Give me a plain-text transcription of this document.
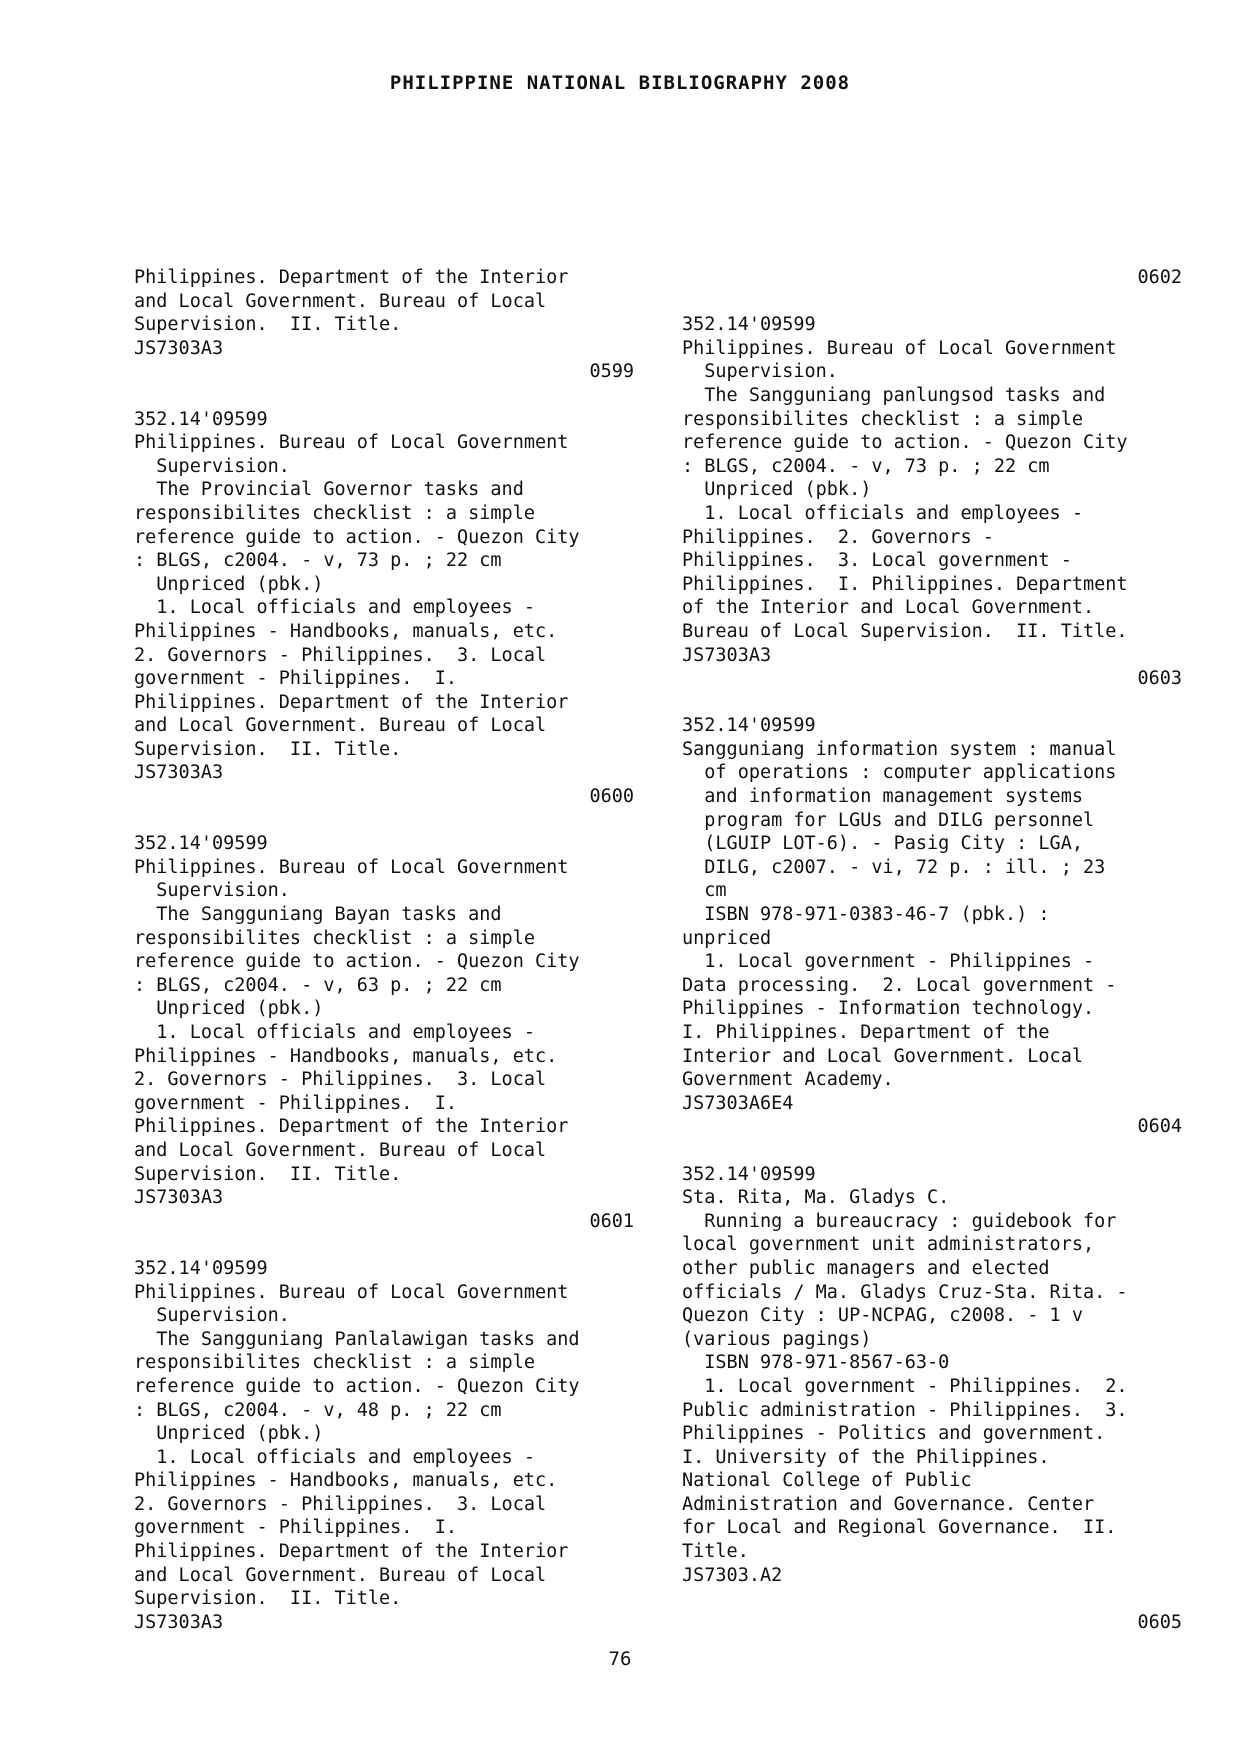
PHILIPPINE NATIONAL BIBLIOGRAPHY 2008
Philippines. Department of the Interior
and Local Government. Bureau of Local
Supervision.  II. Title.
JS7303A3
0599
352.14'09599
Philippines. Bureau of Local Government
Supervision.
The Provincial Governor tasks and
responsibilites checklist : a simple
reference guide to action. - Quezon City
: BLGS, c2004. - v, 73 p. ; 22 cm
Unpriced (pbk.)
1. Local officials and employees -
Philippines - Handbooks, manuals, etc.
2. Governors - Philippines.  3. Local
government - Philippines.  I.
Philippines. Department of the Interior
and Local Government. Bureau of Local
Supervision.  II. Title.
JS7303A3
0600
352.14'09599
Philippines. Bureau of Local Government
Supervision.
The Sangguniang Bayan tasks and
responsibilites checklist : a simple
reference guide to action. - Quezon City
: BLGS, c2004. - v, 63 p. ; 22 cm
Unpriced (pbk.)
1. Local officials and employees -
Philippines - Handbooks, manuals, etc.
2. Governors - Philippines.  3. Local
government - Philippines.  I.
Philippines. Department of the Interior
and Local Government. Bureau of Local
Supervision.  II. Title.
JS7303A3
0601
352.14'09599
Philippines. Bureau of Local Government
Supervision.
The Sangguniang Panlalawigan tasks and
responsibilites checklist : a simple
reference guide to action. - Quezon City
: BLGS, c2004. - v, 48 p. ; 22 cm
Unpriced (pbk.)
1. Local officials and employees -
Philippines - Handbooks, manuals, etc.
2. Governors - Philippines.  3. Local
government - Philippines.  I.
Philippines. Department of the Interior
and Local Government. Bureau of Local
Supervision.  II. Title.
JS7303A3
0602
352.14'09599
Philippines. Bureau of Local Government
Supervision.
The Sangguniang panlungsod tasks and
responsibilites checklist : a simple
reference guide to action. - Quezon City
: BLGS, c2004. - v, 73 p. ; 22 cm
Unpriced (pbk.)
1. Local officials and employees -
Philippines.  2. Governors -
Philippines.  3. Local government -
Philippines.  I. Philippines. Department
of the Interior and Local Government.
Bureau of Local Supervision.  II. Title.
JS7303A3
0603
352.14'09599
Sangguniang information system : manual
of operations : computer applications
and information management systems
program for LGUs and DILG personnel
(LGUIP LOT-6). - Pasig City : LGA,
DILG, c2007. - vi, 72 p. : ill. ; 23
cm
ISBN 978-971-0383-46-7 (pbk.) :
unpriced
1. Local government - Philippines -
Data processing.  2. Local government -
Philippines - Information technology.
I. Philippines. Department of the
Interior and Local Government. Local
Government Academy.
JS7303A6E4
0604
352.14'09599
Sta. Rita, Ma. Gladys C.
Running a bureaucracy : guidebook for
local government unit administrators,
other public managers and elected
officials / Ma. Gladys Cruz-Sta. Rita. -
Quezon City : UP-NCPAG, c2008. - 1 v
(various pagings)
ISBN 978-971-8567-63-0
1. Local government - Philippines.  2.
Public administration - Philippines.  3.
Philippines - Politics and government.
I. University of the Philippines.
National College of Public
Administration and Governance. Center
for Local and Regional Governance.  II.
Title.
JS7303.A2
0605
76
